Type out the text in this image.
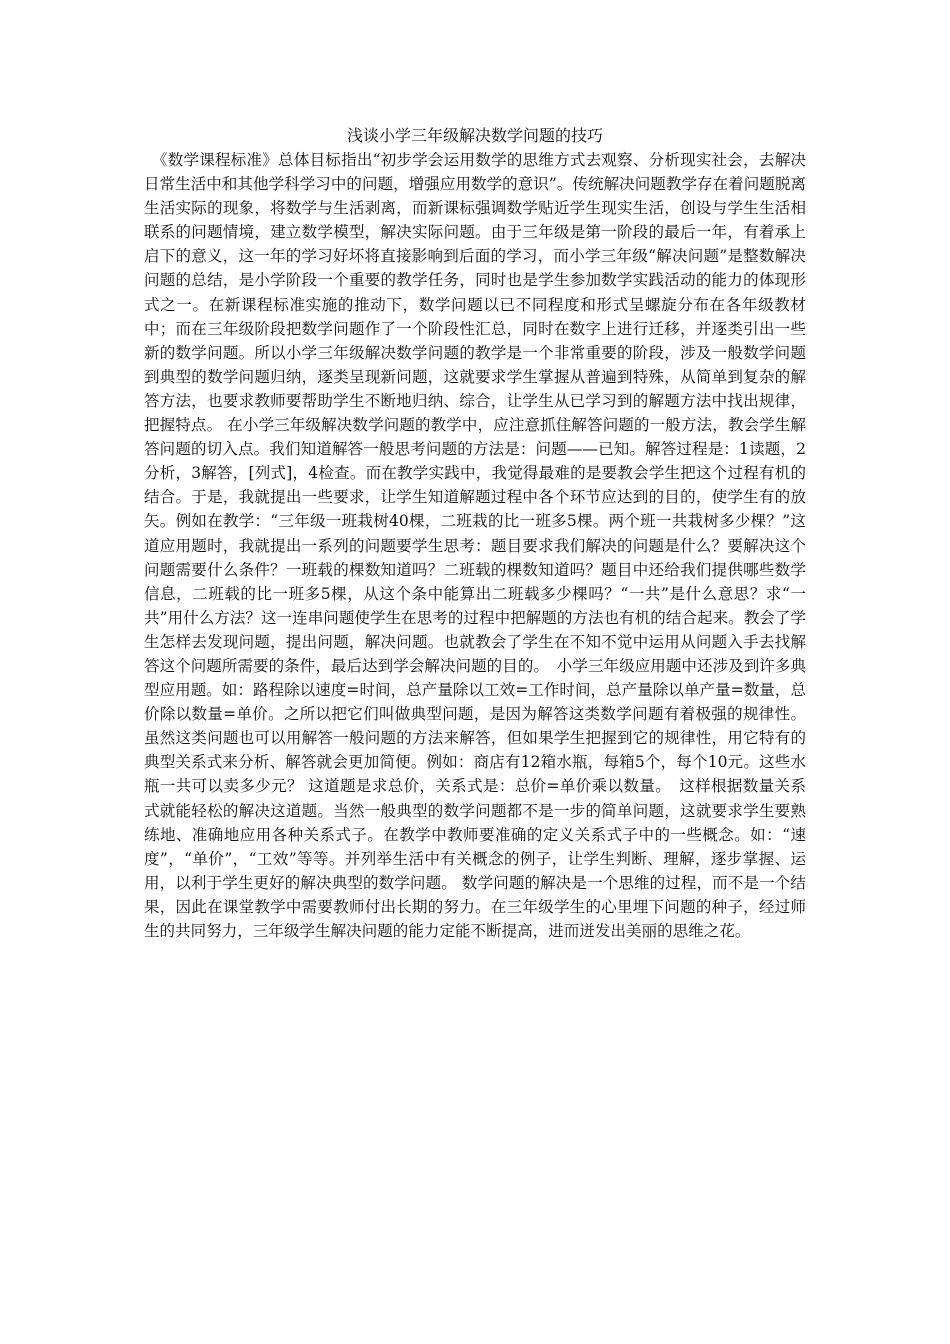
浅谈小学三年级解决数学问题的技巧

　《数学课程标准》总体目标指出“初步学会运用数学的思维方式去观察、分析现实社会，去解决日常生活中和其他学科学习中的问题，增强应用数学的意识”。传统解决问题教学存在着问题脱离生活实际的现象，将数学与生活剥离，而新课标强调数学贴近学生现实生活，创设与学生生活相联系的问题情境，建立数学模型，解决实际问题。由于三年级是第一阶段的最后一年，有着承上启下的意义，这一年的学习好坏将直接影响到后面的学习，而小学三年级“解决问题”是整数解决问题的总结，是小学阶段一个重要的教学任务，同时也是学生参加数学实践活动的能力的体现形式之一。在新课程标准实施的推动下，数学问题以已不同程度和形式呈螺旋分布在各年级教材中；而在三年级阶段把数学问题作了一个阶段性汇总，同时在数字上进行迁移，并逐类引出一些新的数学问题。所以小学三年级解决数学问题的教学是一个非常重要的阶段，涉及一般数学问题到典型的数学问题归纳，逐类呈现新问题，这就要求学生掌握从普遍到特殊，从简单到复杂的解答方法，也要求教师要帮助学生不断地归纳、综合，让学生从已学习到的解题方法中找出规律，把握特点。 在小学三年级解决数学问题的教学中，应注意抓住解答问题的一般方法，教会学生解答问题的切入点。我们知道解答一般思考问题的方法是：问题——已知。解答过程是：1读题，2分析，3解答，[列式]，4检查。而在教学实践中，我觉得最难的是要教会学生把这个过程有机的结合。于是，我就提出一些要求，让学生知道解题过程中各个环节应达到的目的，使学生有的放矢。例如在教学：“三年级一班栽树40棵，二班栽的比一班多5棵。两个班一共栽树多少棵？”这道应用题时，我就提出一系列的问题要学生思考：题目要求我们解决的问题是什么？要解决这个问题需要什么条件？一班载的棵数知道吗？二班载的棵数知道吗？题目中还给我们提供哪些数学信息，二班载的比一班多5棵，从这个条中能算出二班载多少棵吗？“一共”是什么意思？求“一共”用什么方法？这一连串问题使学生在思考的过程中把解题的方法也有机的结合起来。教会了学生怎样去发现问题，提出问题，解决问题。也就教会了学生在不知不觉中运用从问题入手去找解答这个问题所需要的条件，最后达到学会解决问题的目的。　小学三年级应用题中还涉及到许多典型应用题。如：路程除以速度=时间，总产量除以工效=工作时间，总产量除以单产量=数量，总价除以数量=单价。之所以把它们叫做典型问题，是因为解答这类数学问题有着极强的规律性。虽然这类问题也可以用解答一般问题的方法来解答，但如果学生把握到它的规律性，用它特有的典型关系式来分析、解答就会更加简便。例如：商店有12箱水瓶，每箱5个，每个10元。这些水瓶一共可以卖多少元？ 这道题是求总价，关系式是：总价=单价乘以数量。　这样根据数量关系式就能轻松的解决这道题。当然一般典型的数学问题都不是一步的简单问题，这就要求学生要熟练地、准确地应用各种关系式子。在教学中教师要准确的定义关系式子中的一些概念。如：“速度”，“单价”，“工效”等等。并列举生活中有关概念的例子，让学生判断、理解，逐步掌握、运用，以利于学生更好的解决典型的数学问题。 数学问题的解决是一个思维的过程，而不是一个结果，因此在课堂教学中需要教师付出长期的努力。在三年级学生的心里埋下问题的种子，经过师生的共同努力，三年级学生解决问题的能力定能不断提高，进而迸发出美丽的思维之花。
